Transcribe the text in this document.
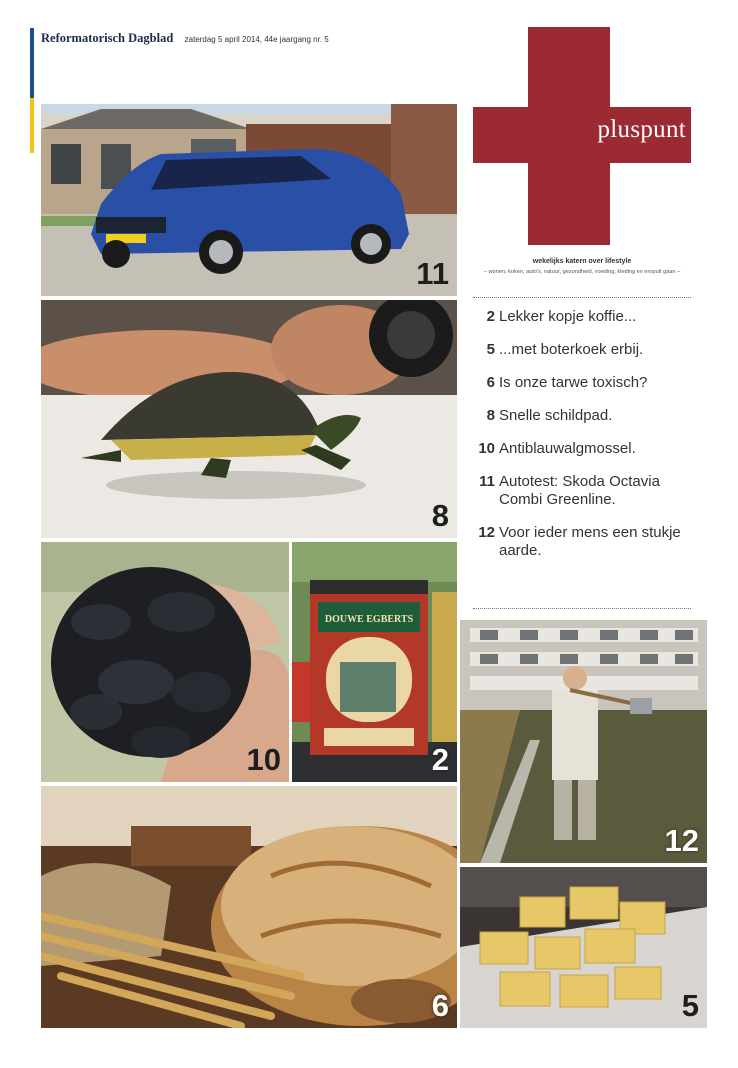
Reformatorisch Dagblad zaterdag 5 april 2014, 44e jaargang nr. 5
pluspunt
wekelijks katern over lifestyle
– wonen, koken, auto's, natuur, gezondheid, voeding, kleding en eropuit gaan –
2 Lekker kopje koffie...
5 ...met boterkoek erbij.
6 Is onze tarwe toxisch?
8 Snelle schildpad.
10 Antiblauwalgmossel.
11 Autotest: Skoda Octavia Combi Greenline.
12 Voor ieder mens een stukje aarde.
11
8
10
DOUWE EGBERTS
2
6
12
5
